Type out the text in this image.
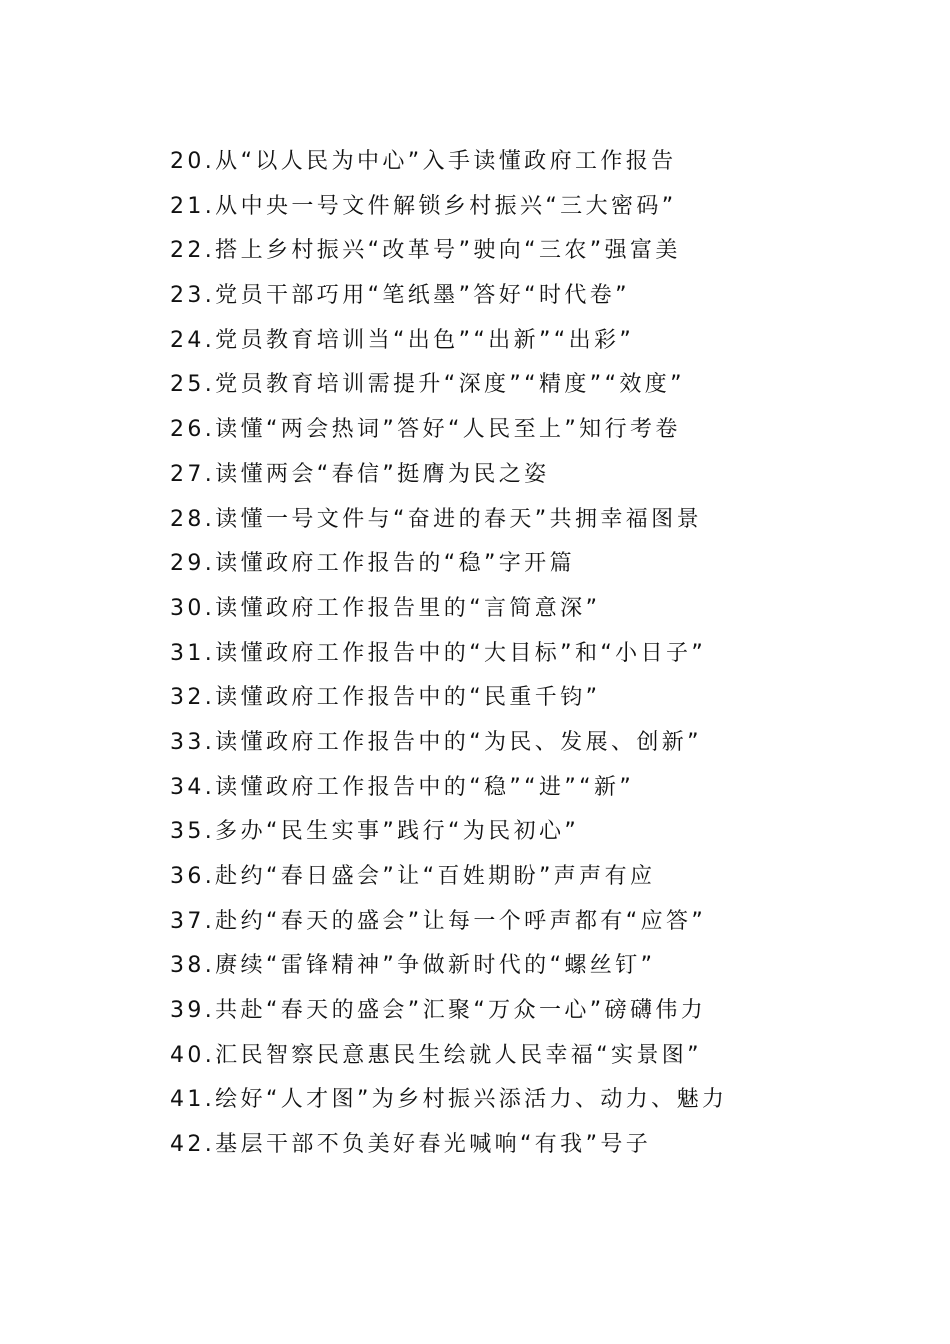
20.从“以人民为中心”入手读懂政府工作报告
21.从中央一号文件解锁乡村振兴“三大密码”
22.搭上乡村振兴“改革号”驶向“三农”强富美
23.党员干部巧用“笔纸墨”答好“时代卷”
24.党员教育培训当“出色”“出新”“出彩”
25.党员教育培训需提升“深度”“精度”“效度”
26.读懂“两会热词”答好“人民至上”知行考卷
27.读懂两会“春信”挺膺为民之姿
28.读懂一号文件与“奋进的春天”共拥幸福图景
29.读懂政府工作报告的“稳”字开篇
30.读懂政府工作报告里的“言简意深”
31.读懂政府工作报告中的“大目标”和“小日子”
32.读懂政府工作报告中的“民重千钧”
33.读懂政府工作报告中的“为民、发展、创新”
34.读懂政府工作报告中的“稳”“进”“新”
35.多办“民生实事”践行“为民初心”
36.赴约“春日盛会”让“百姓期盼”声声有应
37.赴约“春天的盛会”让每一个呼声都有“应答”
38.赓续“雷锋精神”争做新时代的“螺丝钉”
39.共赴“春天的盛会”汇聚“万众一心”磅礴伟力
40.汇民智察民意惠民生绘就人民幸福“实景图”
41.绘好“人才图”为乡村振兴添活力、动力、魅力
42.基层干部不负美好春光喊响“有我”号子
